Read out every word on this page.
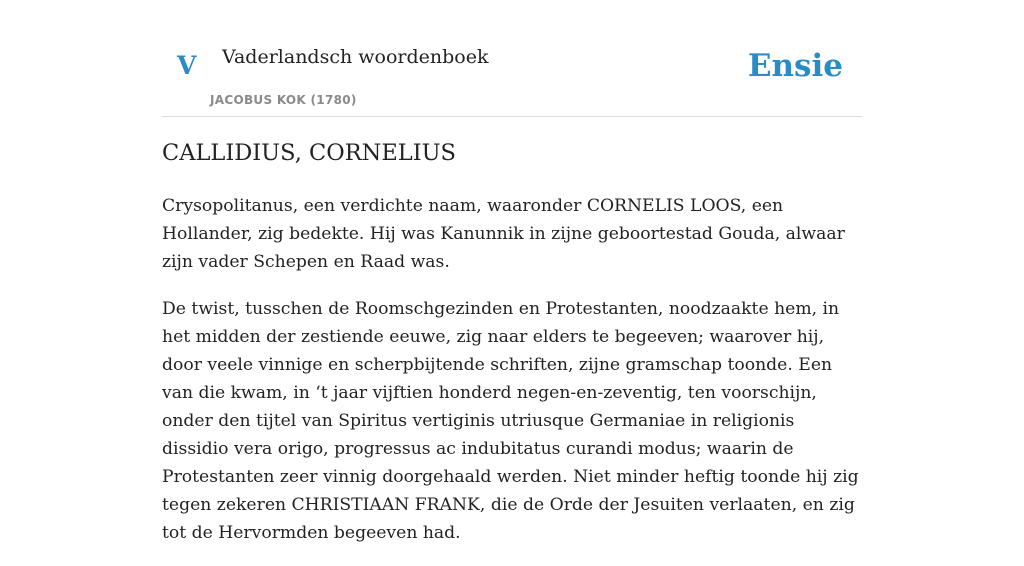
V Vaderlandsch woordenboek
JACOBUS KOK (1780)
Ensie
CALLIDIUS, CORNELIUS

Crysopolitanus, een verdichte naam, waaronder CORNELIS LOOS, een Hollander, zig bedekte. Hij was Kanunnik in zijne geboortestad Gouda, alwaar zijn vader Schepen en Raad was.

De twist, tusschen de Roomschgezinden en Protestanten, noodzaakte hem, in het midden der zestiende eeuwe, zig naar elders te begeeven; waarover hij, door veele vinnige en scherpbijtende schriften, zijne gramschap toonde. Een van die kwam, in ‘t jaar vijftien honderd negen-en-zeventig, ten voorschijn, onder den tijtel van Spiritus vertiginis utriusque Germaniae in religionis dissidio vera origo, progressus ac indubitatus curandi modus; waarin de Protestanten zeer vinnig doorgehaald werden. Niet minder heftig toonde hij zig tegen zekeren CHRISTIAAN FRANK, die de Orde der Jesuiten verlaaten, en zig tot de Hervormden begeeven had.
